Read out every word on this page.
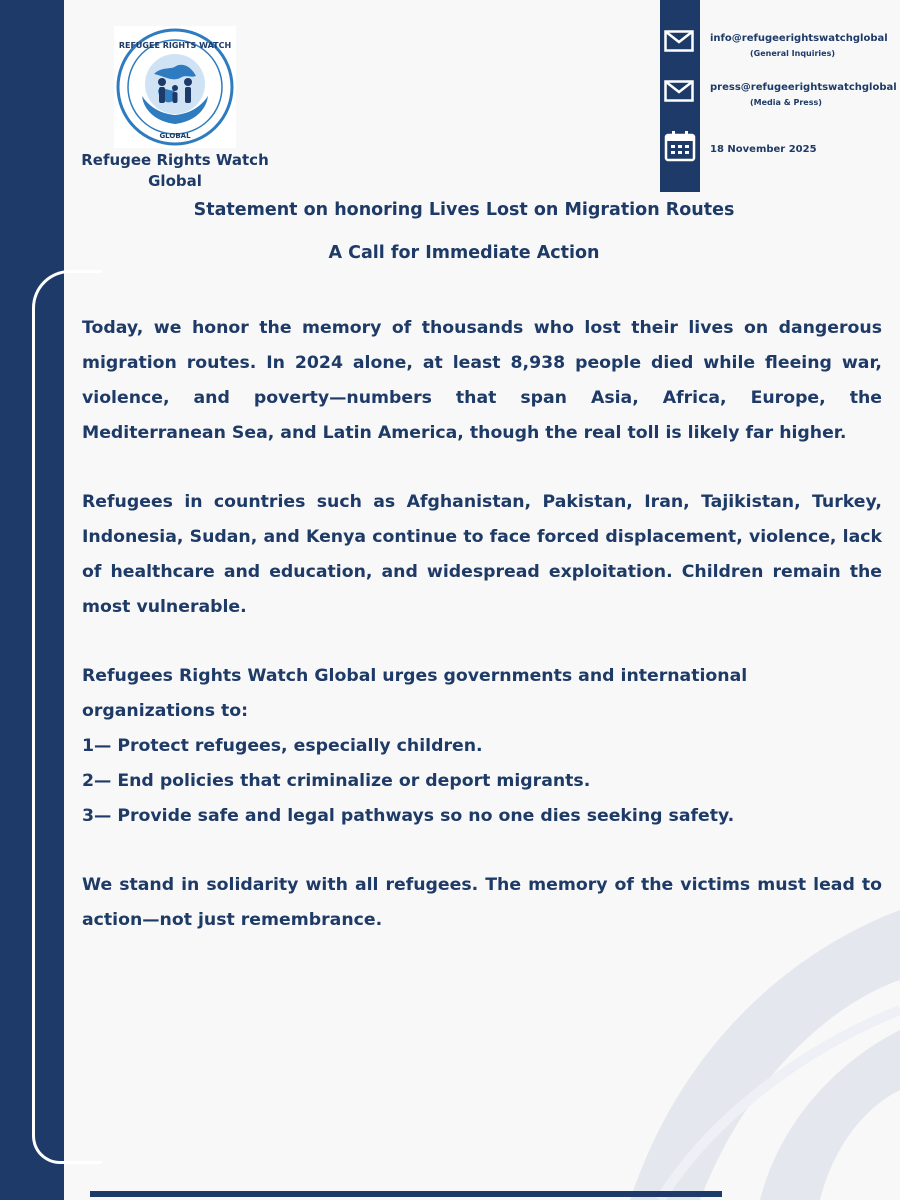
REFUGEE RIGHTS WATCH
GLOBAL
Refugee Rights Watch Global
info@refugeerightswatchglobal
(General Inquiries)
press@refugeerightswatchglobal
(Media & Press)
18 November 2025
Statement on honoring Lives Lost on Migration Routes
A Call for Immediate Action

Today, we honor the memory of thousands who lost their lives on dangerous migration routes. In 2024 alone, at least 8,938 people died while fleeing war, violence, and poverty—numbers that span Asia, Africa, Europe, the Mediterranean Sea, and Latin America, though the real toll is likely far higher.

Refugees in countries such as Afghanistan, Pakistan, Iran, Tajikistan, Turkey, Indonesia, Sudan, and Kenya continue to face forced displacement, violence, lack of healthcare and education, and widespread exploitation. Children remain the most vulnerable.

Refugees Rights Watch Global urges governments and international organizations to:
1— Protect refugees, especially children.
2— End policies that criminalize or deport migrants.
3— Provide safe and legal pathways so no one dies seeking safety.

We stand in solidarity with all refugees. The memory of the victims must lead to action—not just remembrance.
